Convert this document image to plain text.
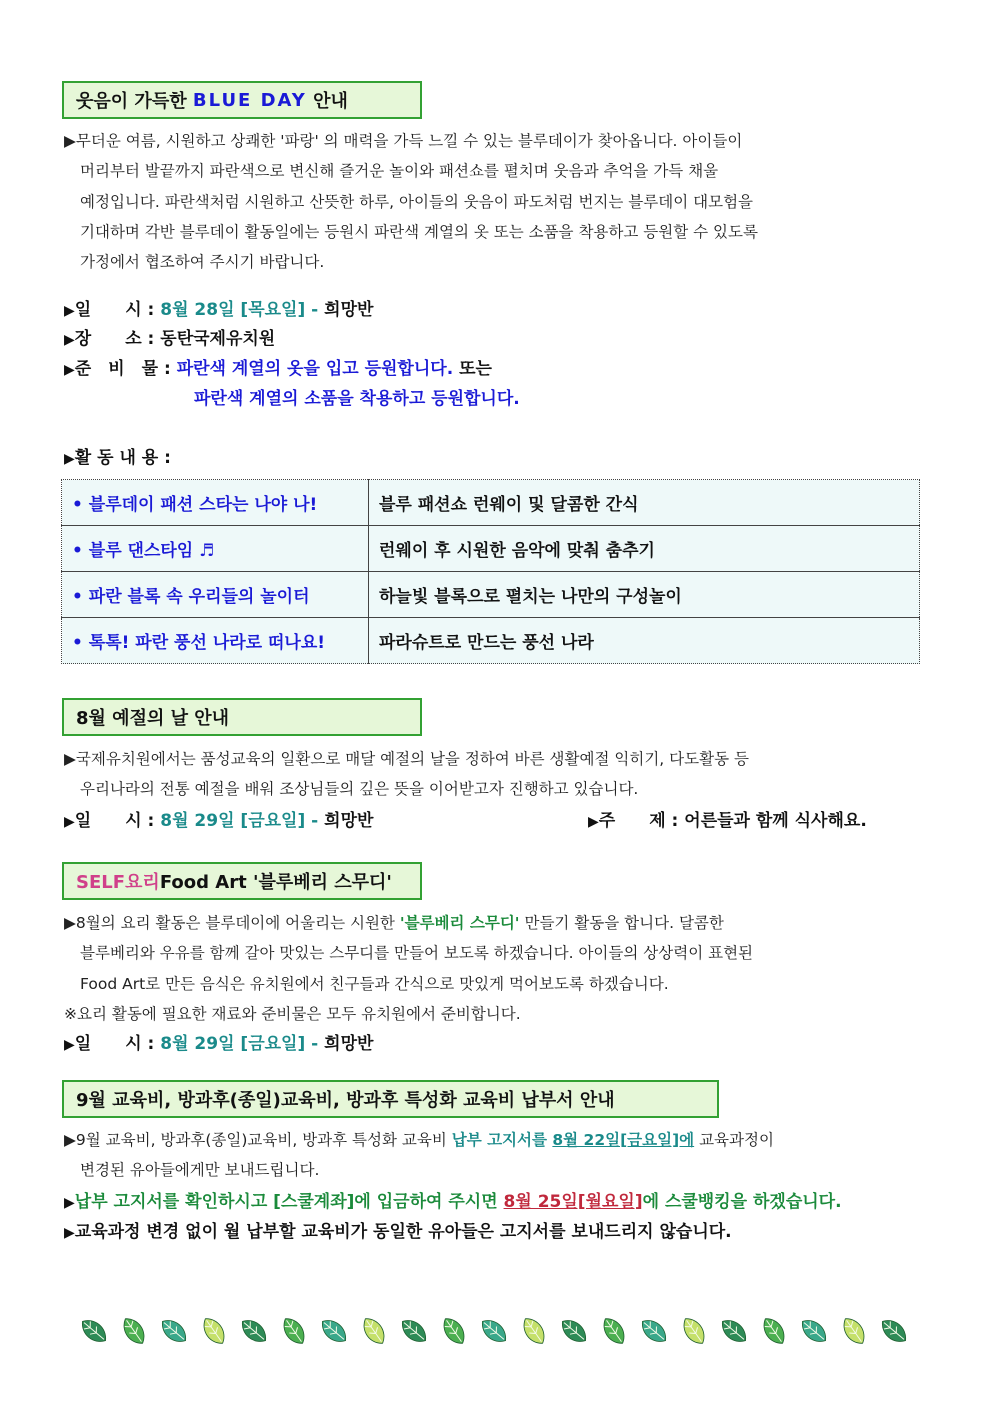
웃음이 가득한
BLUE DAY
안내
▶무더운 여름, 시원하고 상쾌한 '파랑' 의 매력을 가득 느낄 수 있는 블루데이가 찾아옵니다. 아이들이
머리부터 발끝까지 파란색으로 변신해 즐거운 놀이와 패션쇼를 펼치며 웃음과 추억을 가득 채울
예정입니다. 파란색처럼 시원하고 산뜻한 하루, 아이들의 웃음이 파도처럼 번지는 블루데이 대모험을
기대하며 각반 블루데이 활동일에는 등원시 파란색 계열의 옷 또는 소품을 착용하고 등원할 수 있도록
가정에서 협조하여 주시기 바랍니다.
▶일　　시 : 8월 28일 [목요일] - 희망반
▶장　　소 : 동탄국제유치원
▶준　비　물 : 파란색 계열의 옷을 입고 등원합니다. 또는
파란색 계열의 소품을 착용하고 등원합니다.
▶활 동 내 용 :
• 블루데이 패션 스타는 나야 나!	블루 패션쇼 런웨이 및 달콤한 간식
• 블루 댄스타임 ♬	런웨이 후 시원한 음악에 맞춰 춤추기
• 파란 블록 속 우리들의 놀이터	하늘빛 블록으로 펼치는 나만의 구성놀이
• 톡톡! 파란 풍선 나라로 떠나요!	파라슈트로 만드는 풍선 나라
8월 예절의 날 안내
▶국제유치원에서는 품성교육의 일환으로 매달 예절의 날을 정하여 바른 생활예절 익히기, 다도활동 등
우리나라의 전통 예절을 배워 조상님들의 깊은 뜻을 이어받고자 진행하고 있습니다.
▶일　　시 : 8월 29일 [금요일] - 희망반	▶주　　제 : 어른들과 함께 식사해요.
SELF요리 Food Art '블루베리 스무디'
▶8월의 요리 활동은 블루데이에 어울리는 시원한 '블루베리 스무디' 만들기 활동을 합니다. 달콤한
블루베리와 우유를 함께 갈아 맛있는 스무디를 만들어 보도록 하겠습니다. 아이들의 상상력이 표현된
Food Art로 만든 음식은 유치원에서 친구들과 간식으로 맛있게 먹어보도록 하겠습니다.
※요리 활동에 필요한 재료와 준비물은 모두 유치원에서 준비합니다.
▶일　　시 : 8월 29일 [금요일] - 희망반
9월 교육비, 방과후(종일)교육비, 방과후 특성화 교육비 납부서 안내
▶9월 교육비, 방과후(종일)교육비, 방과후 특성화 교육비 납부 고지서를 8월 22일[금요일]에 교육과정이
변경된 유아들에게만 보내드립니다.
▶납부 고지서를 확인하시고 [스쿨계좌]에 입금하여 주시면 8월 25일[월요일]에 스쿨뱅킹을 하겠습니다.
▶교육과정 변경 없이 월 납부할 교육비가 동일한 유아들은 고지서를 보내드리지 않습니다.
